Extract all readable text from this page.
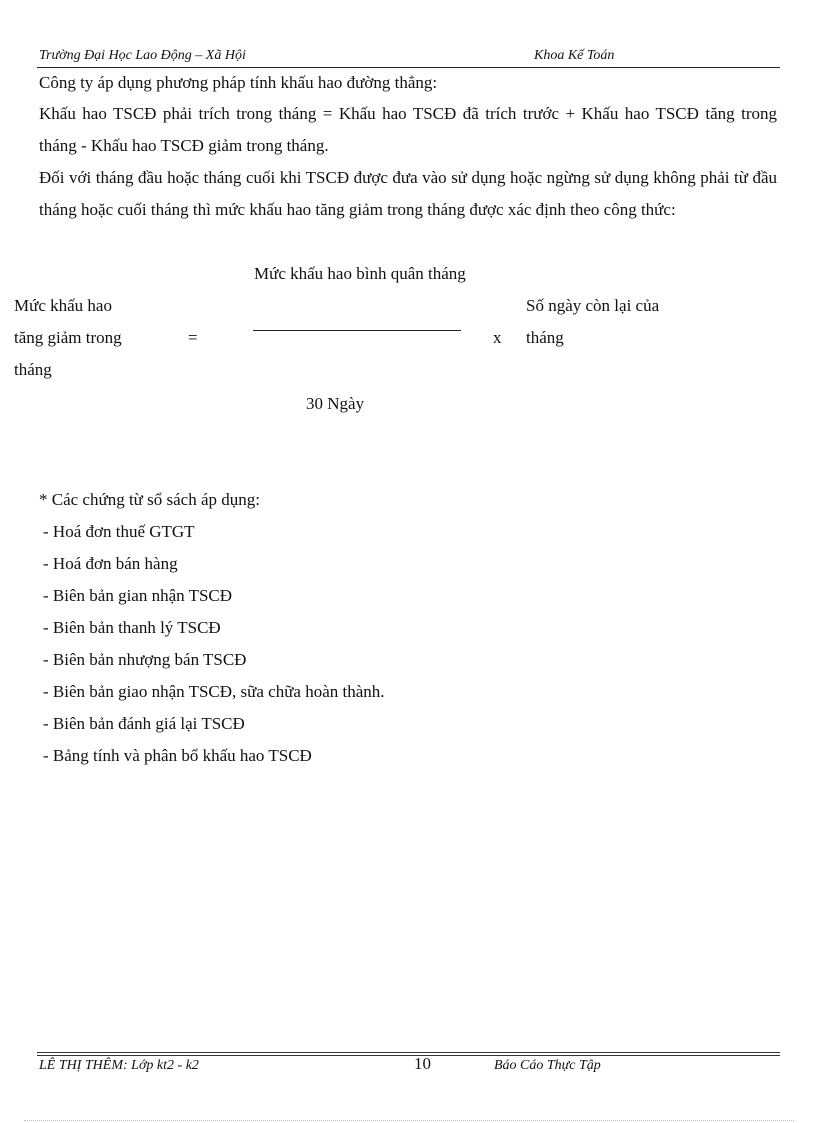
Trường Đại Học Lao Động – Xã Hội	Khoa Kế Toán
Công ty áp dụng phương pháp tính khấu hao đường thẳng:
Khấu hao TSCĐ phải trích trong tháng = Khấu hao TSCĐ đã trích trước + Khấu hao TSCĐ tăng trong tháng - Khấu hao TSCĐ giảm trong tháng.
Đối với tháng đầu hoặc tháng cuối khi TSCĐ được đưa vào sử dụng hoặc ngừng sử dụng không phải từ đầu tháng hoặc cuối tháng thì mức khấu hao tăng giảm trong tháng được xác định theo công thức:
Mức khấu hao bình quân tháng
Mức khấu hao	Số ngày còn lại của
tăng giảm trong	=	x tháng
tháng
30 Ngày
* Các chứng từ sổ sách áp dụng:
- Hoá đơn thuế GTGT
- Hoá đơn bán hàng
- Biên bản gian nhận TSCĐ
- Biên bản thanh lý TSCĐ
- Biên bản nhượng bán TSCĐ
- Biên bản giao nhận TSCĐ, sữa chữa hoàn thành.
- Biên bản đánh giá lại TSCĐ
- Bảng tính và phân bổ khấu hao TSCĐ
LÊ THỊ THÊM: Lớp kt2 - k2	10	Báo Cáo Thực Tập
